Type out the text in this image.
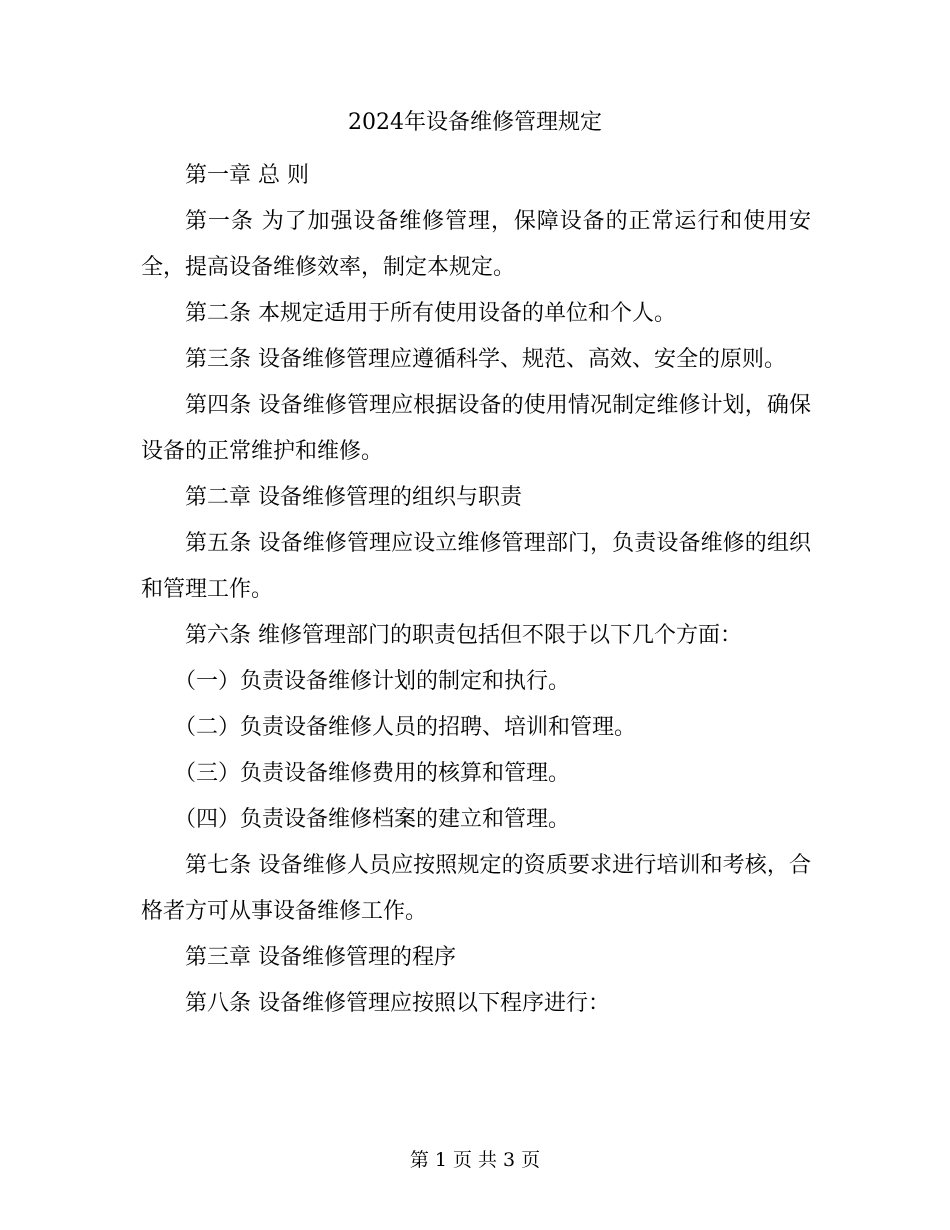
2024年设备维修管理规定

第一章 总 则

第一条 为了加强设备维修管理，保障设备的正常运行和使用安全，提高设备维修效率，制定本规定。

第二条 本规定适用于所有使用设备的单位和个人。

第三条 设备维修管理应遵循科学、规范、高效、安全的原则。

第四条 设备维修管理应根据设备的使用情况制定维修计划，确保设备的正常维护和维修。

第二章 设备维修管理的组织与职责

第五条 设备维修管理应设立维修管理部门，负责设备维修的组织和管理工作。

第六条 维修管理部门的职责包括但不限于以下几个方面：

（一）负责设备维修计划的制定和执行。

（二）负责设备维修人员的招聘、培训和管理。

（三）负责设备维修费用的核算和管理。

（四）负责设备维修档案的建立和管理。

第七条 设备维修人员应按照规定的资质要求进行培训和考核，合格者方可从事设备维修工作。

第三章 设备维修管理的程序

第八条 设备维修管理应按照以下程序进行：

第 1 页 共 3 页
